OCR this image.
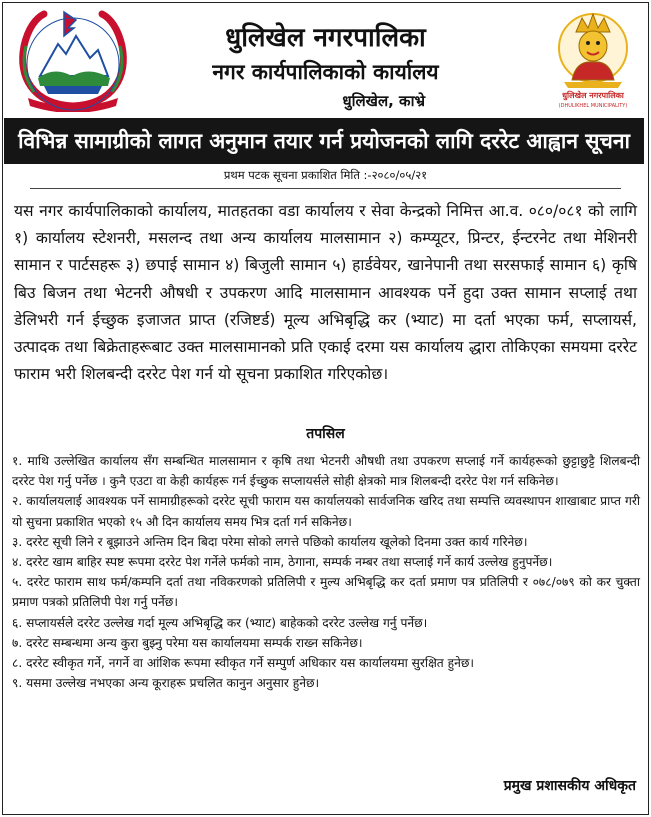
धुलिखेल नगरपालिका
नगर कार्यपालिकाको कार्यालय
धुलिखेल, काभ्रे	धुलिखेल नगरपालिका
(DHULIKHEL MUNICIPALITY)
विभिन्न सामाग्रीको लागत अनुमान तयार गर्न प्रयोजनको लागि दररेट आह्वान सूचना
प्रथम पटक सूचना प्रकाशित मिति :-२०८०/०५/२१
यस नगर कार्यपालिकाको कार्यालय, मातहतका वडा कार्यालय र सेवा केन्द्रको निमित्त आ.व. ०८०/०८१ को लागि १) कार्यालय स्टेशनरी, मसलन्द तथा अन्य कार्यालय मालसामान २) कम्प्यूटर, प्रिन्टर, ईन्टरनेट तथा मेशिनरी सामान र पार्टसहरू ३) छपाई सामान ४) बिजुली सामान ५) हार्डवेयर, खानेपानी तथा सरसफाई सामान ६) कृषि बिउ बिजन तथा भेटनरी औषधी र उपकरण आदि मालसामान आवश्यक पर्ने हुदा उक्त सामान सप्लाई तथा डेलिभरी गर्न ईच्छुक इजाजत प्राप्त (रजिष्टर्ड) मूल्य अभिबृद्धि कर (भ्याट) मा दर्ता भएका फर्म, सप्लायर्स, उत्पादक तथा बिक्रेताहरूबाट उक्त मालसामानको प्रति एकाई दरमा यस कार्यालय द्धारा तोकिएका समयमा दररेट फाराम भरी शिलबन्दी दररेट पेश गर्न यो सूचना प्रकाशित गरिएकोछ।
तपसिल
१. माथि उल्लेखित कार्यालय सँग सम्बन्धित मालसामान र कृषि तथा भेटनरी औषधी तथा उपकरण सप्लाई गर्ने कार्यहरूको छुट्टाछुट्टै शिलबन्दी दररेट पेश गर्नु पर्नेछ । कुनै एउटा वा केही कार्यहरू गर्न ईच्छुक सप्लायर्सले सोही क्षेत्रको मात्र शिलबन्दी दररेट पेश गर्न सकिनेछ।
२. कार्यालयलाई आवश्यक पर्ने सामाग्रीहरूको दररेट सूची फाराम यस कार्यालयको सार्वजनिक खरिद तथा सम्पत्ति व्यवस्थापन शाखाबाट प्राप्त गरी यो सुचना प्रकाशित भएको १५ औ दिन कार्यालय समय भित्र दर्ता गर्न सकिनेछ।
३. दररेट सूची लिने र बूझाउने अन्तिम दिन बिदा परेमा सोको लगत्ते पछिको कार्यालय खूलेको दिनमा उक्त कार्य गरिनेछ।
४. दररेट खाम बाहिर स्पष्ट रूपमा दररेट पेश गर्नेले फर्मको नाम, ठेगाना, सम्पर्क नम्बर तथा सप्लाई गर्ने कार्य उल्लेख हुनुपर्नेछ।
५. दररेट फाराम साथ फर्म/कम्पनि दर्ता तथा नविकरणको प्रतिलिपी र मुल्य अभिबृद्धि कर दर्ता प्रमाण पत्र प्रतिलिपी र ०७८/०७९ को कर चुक्ता प्रमाण पत्रको प्रतिलिपी पेश गर्नु पर्नेछ।
६. सप्लायर्सले दररेट उल्लेख गर्दा मूल्य अभिबृद्धि कर (भ्याट) बाहेकको दररेट उल्लेख गर्नु पर्नेछ।
७. दररेट सम्बन्धमा अन्य कुरा बुझ्नु परेमा यस कार्यालयमा सम्पर्क राख्न सकिनेछ।
८. दररेट स्वीकृत गर्ने, नगर्ने वा आंशिक रूपमा स्वीकृत गर्ने सम्पुर्ण अधिकार यस कार्यालयमा सुरक्षित हुनेछ।
९. यसमा उल्लेख नभएका अन्य कूराहरू प्रचलित कानुन अनुसार हुनेछ।
प्रमुख प्रशासकीय अधिकृत
